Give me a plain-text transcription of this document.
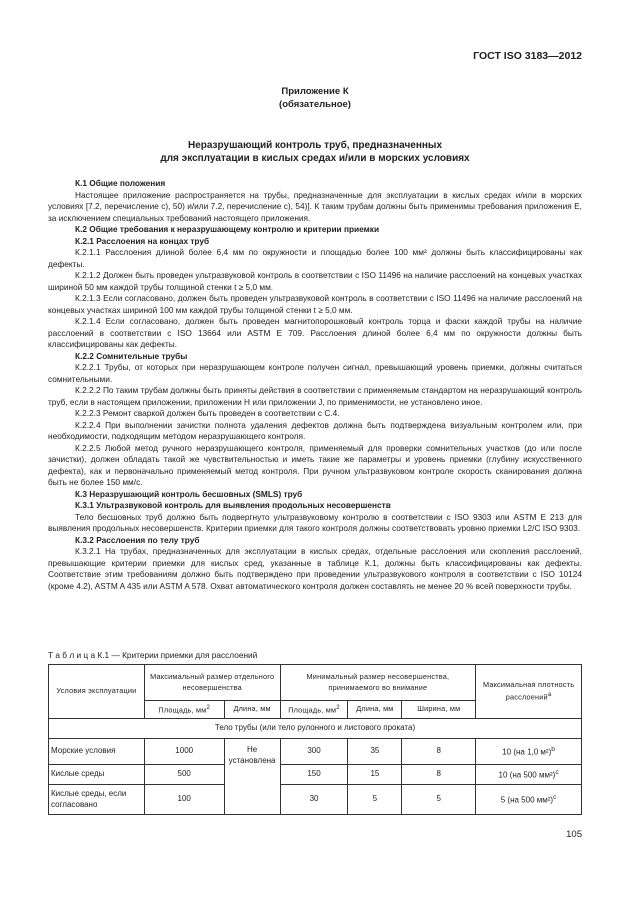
ГОСТ ISO 3183—2012
Приложение К
(обязательное)
Неразрушающий контроль труб, предназначенных
для эксплуатации в кислых средах и/или в морских условиях

К.1 Общие положения

Настоящее приложение распространяется на трубы, предназначенные для эксплуатации в кислых средах и/или в морских условиях [7.2, перечисление с), 50) и/или 7.2, перечисление с), 54)]. К таким трубам должны быть применимы требования приложения Е, за исключением специальных требований настоящего приложения.

К.2 Общие требования к неразрушающему контролю и критерии приемки

К.2.1 Расслоения на концах труб

К.2.1.1 Расслоения длиной более 6,4 мм по окружности и площадью более 100 мм² должны быть классифицированы как дефекты.

К.2.1.2 Должен быть проведен ультразвуковой контроль в соответствии с ISO 11496 на наличие расслоений на концевых участках шириной 50 мм каждой трубы толщиной стенки t ≥ 5,0 мм.

К.2.1.3 Если согласовано, должен быть проведен ультразвуковой контроль в соответствии с ISO 11496 на наличие расслоений на концевых участках шириной 100 мм каждой трубы толщиной стенки t ≥ 5,0 мм.

К.2.1.4 Если согласовано, должен быть проведен магнитопорошковый контроль торца и фаски каждой трубы на наличие расслоений в соответствии с ISO 13664 или ASTM E 709. Расслоения длиной более 6,4 мм по окружности должны быть классифицированы как дефекты.

К.2.2 Сомнительные трубы

К.2.2.1 Трубы, от которых при неразрушающем контроле получен сигнал, превышающий уровень приемки, должны считаться сомнительными.

К.2.2.2 По таким трубам должны быть приняты действия в соответствии с применяемым стандартом на неразрушающий контроль труб, если в настоящем приложении, приложении Н или приложении J, по применимости, не установлено иное.

К.2.2.3 Ремонт сваркой должен быть проведен в соответствии с С.4.

К.2.2.4 При выполнении зачистки полнота удаления дефектов должна быть подтверждена визуальным контролем или, при необходимости, подходящим методом неразрушающего контроля.

К.2.2.5 Любой метод ручного неразрушающего контроля, применяемый для проверки сомнительных участков (до или после зачистки), должен обладать такой же чувствительностью и иметь такие же параметры и уровень приемки (глубину искусственного дефекта), как и первоначально применяемый метод контроля. При ручном ультразвуковом контроле скорость сканирования должна быть не более 150 мм/с.

К.3 Неразрушающий контроль бесшовных (SMLS) труб

К.3.1 Ультразвуковой контроль для выявления продольных несовершенств

Тело бесшовных труб должно быть подвергнуто ультразвуковому контролю в соответствии с ISO 9303 или ASTM E 213 для выявления продольных несовершенств. Критерии приемки для такого контроля должны соответствовать уровню приемки L2/C ISO 9303.

К.3.2 Расслоения по телу труб

К.3.2.1 На трубах, предназначенных для эксплуатации в кислых средах, отдельные расслоения или скопления расслоений, превышающие критерии приемки для кислых сред, указанные в таблице К.1, должны быть классифицированы как дефекты. Соответствие этим требованиям должно быть подтверждено при проведении ультразвукового контроля в соответствии с ISO 10124 (кроме 4.2), ASTM A 435 или ASTM A 578. Охват автоматического контроля должен составлять не менее 20 % всей поверхности трубы.

Т а б л и ц а К.1 — Критерии приемки для расслоений
Условия эксплуатации	Максимальный размер отдельного несовершенства		Минимальный размер несовершенства, принимаемого во внимание			Максимальная плотность расслоений$^a$
	Площадь, $мм^2$	Длина, мм	Площадь, $мм^2$	Длина, мм	Ширина, мм	
Тело трубы (или тело рулонного и листового проката)						
Морские условия	1000	Не установлена	300	35	8	10 (на 1,0 м²)$^b$
Кислые среды	500		150	15	8	10 (на 500 мм²)$^c$
Кислые среды, если согласовано	100		30	5	5	5 (на 500 мм²)$^c$
105
